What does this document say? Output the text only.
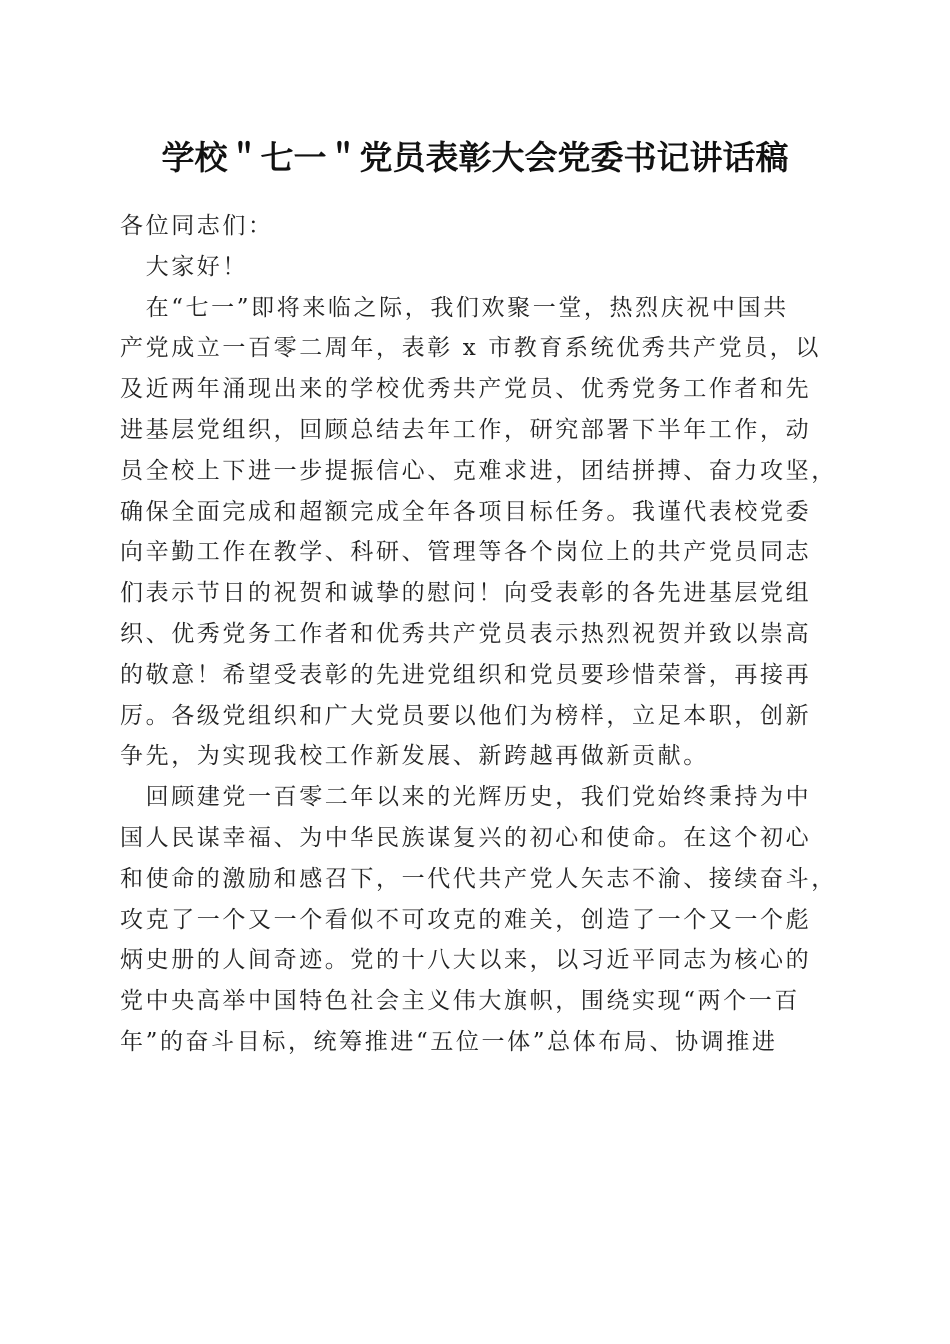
学校＂七一＂党员表彰大会党委书记讲话稿
各位同志们：
　大家好！
　在“七一”即将来临之际，我们欢聚一堂，热烈庆祝中国共
产党成立一百零二周年，表彰 x 市教育系统优秀共产党员，以
及近两年涌现出来的学校优秀共产党员、优秀党务工作者和先
进基层党组织，回顾总结去年工作，研究部署下半年工作，动
员全校上下进一步提振信心、克难求进，团结拼搏、奋力攻坚，
确保全面完成和超额完成全年各项目标任务。我谨代表校党委
向辛勤工作在教学、科研、管理等各个岗位上的共产党员同志
们表示节日的祝贺和诚挚的慰问！向受表彰的各先进基层党组
织、优秀党务工作者和优秀共产党员表示热烈祝贺并致以崇高
的敬意！希望受表彰的先进党组织和党员要珍惜荣誉，再接再
厉。各级党组织和广大党员要以他们为榜样，立足本职，创新
争先，为实现我校工作新发展、新跨越再做新贡献。
　回顾建党一百零二年以来的光辉历史，我们党始终秉持为中
国人民谋幸福、为中华民族谋复兴的初心和使命。在这个初心
和使命的激励和感召下，一代代共产党人矢志不渝、接续奋斗，
攻克了一个又一个看似不可攻克的难关，创造了一个又一个彪
炳史册的人间奇迹。党的十八大以来，以习近平同志为核心的
党中央高举中国特色社会主义伟大旗帜，围绕实现“两个一百
年”的奋斗目标，统筹推进“五位一体”总体布局、协调推进
